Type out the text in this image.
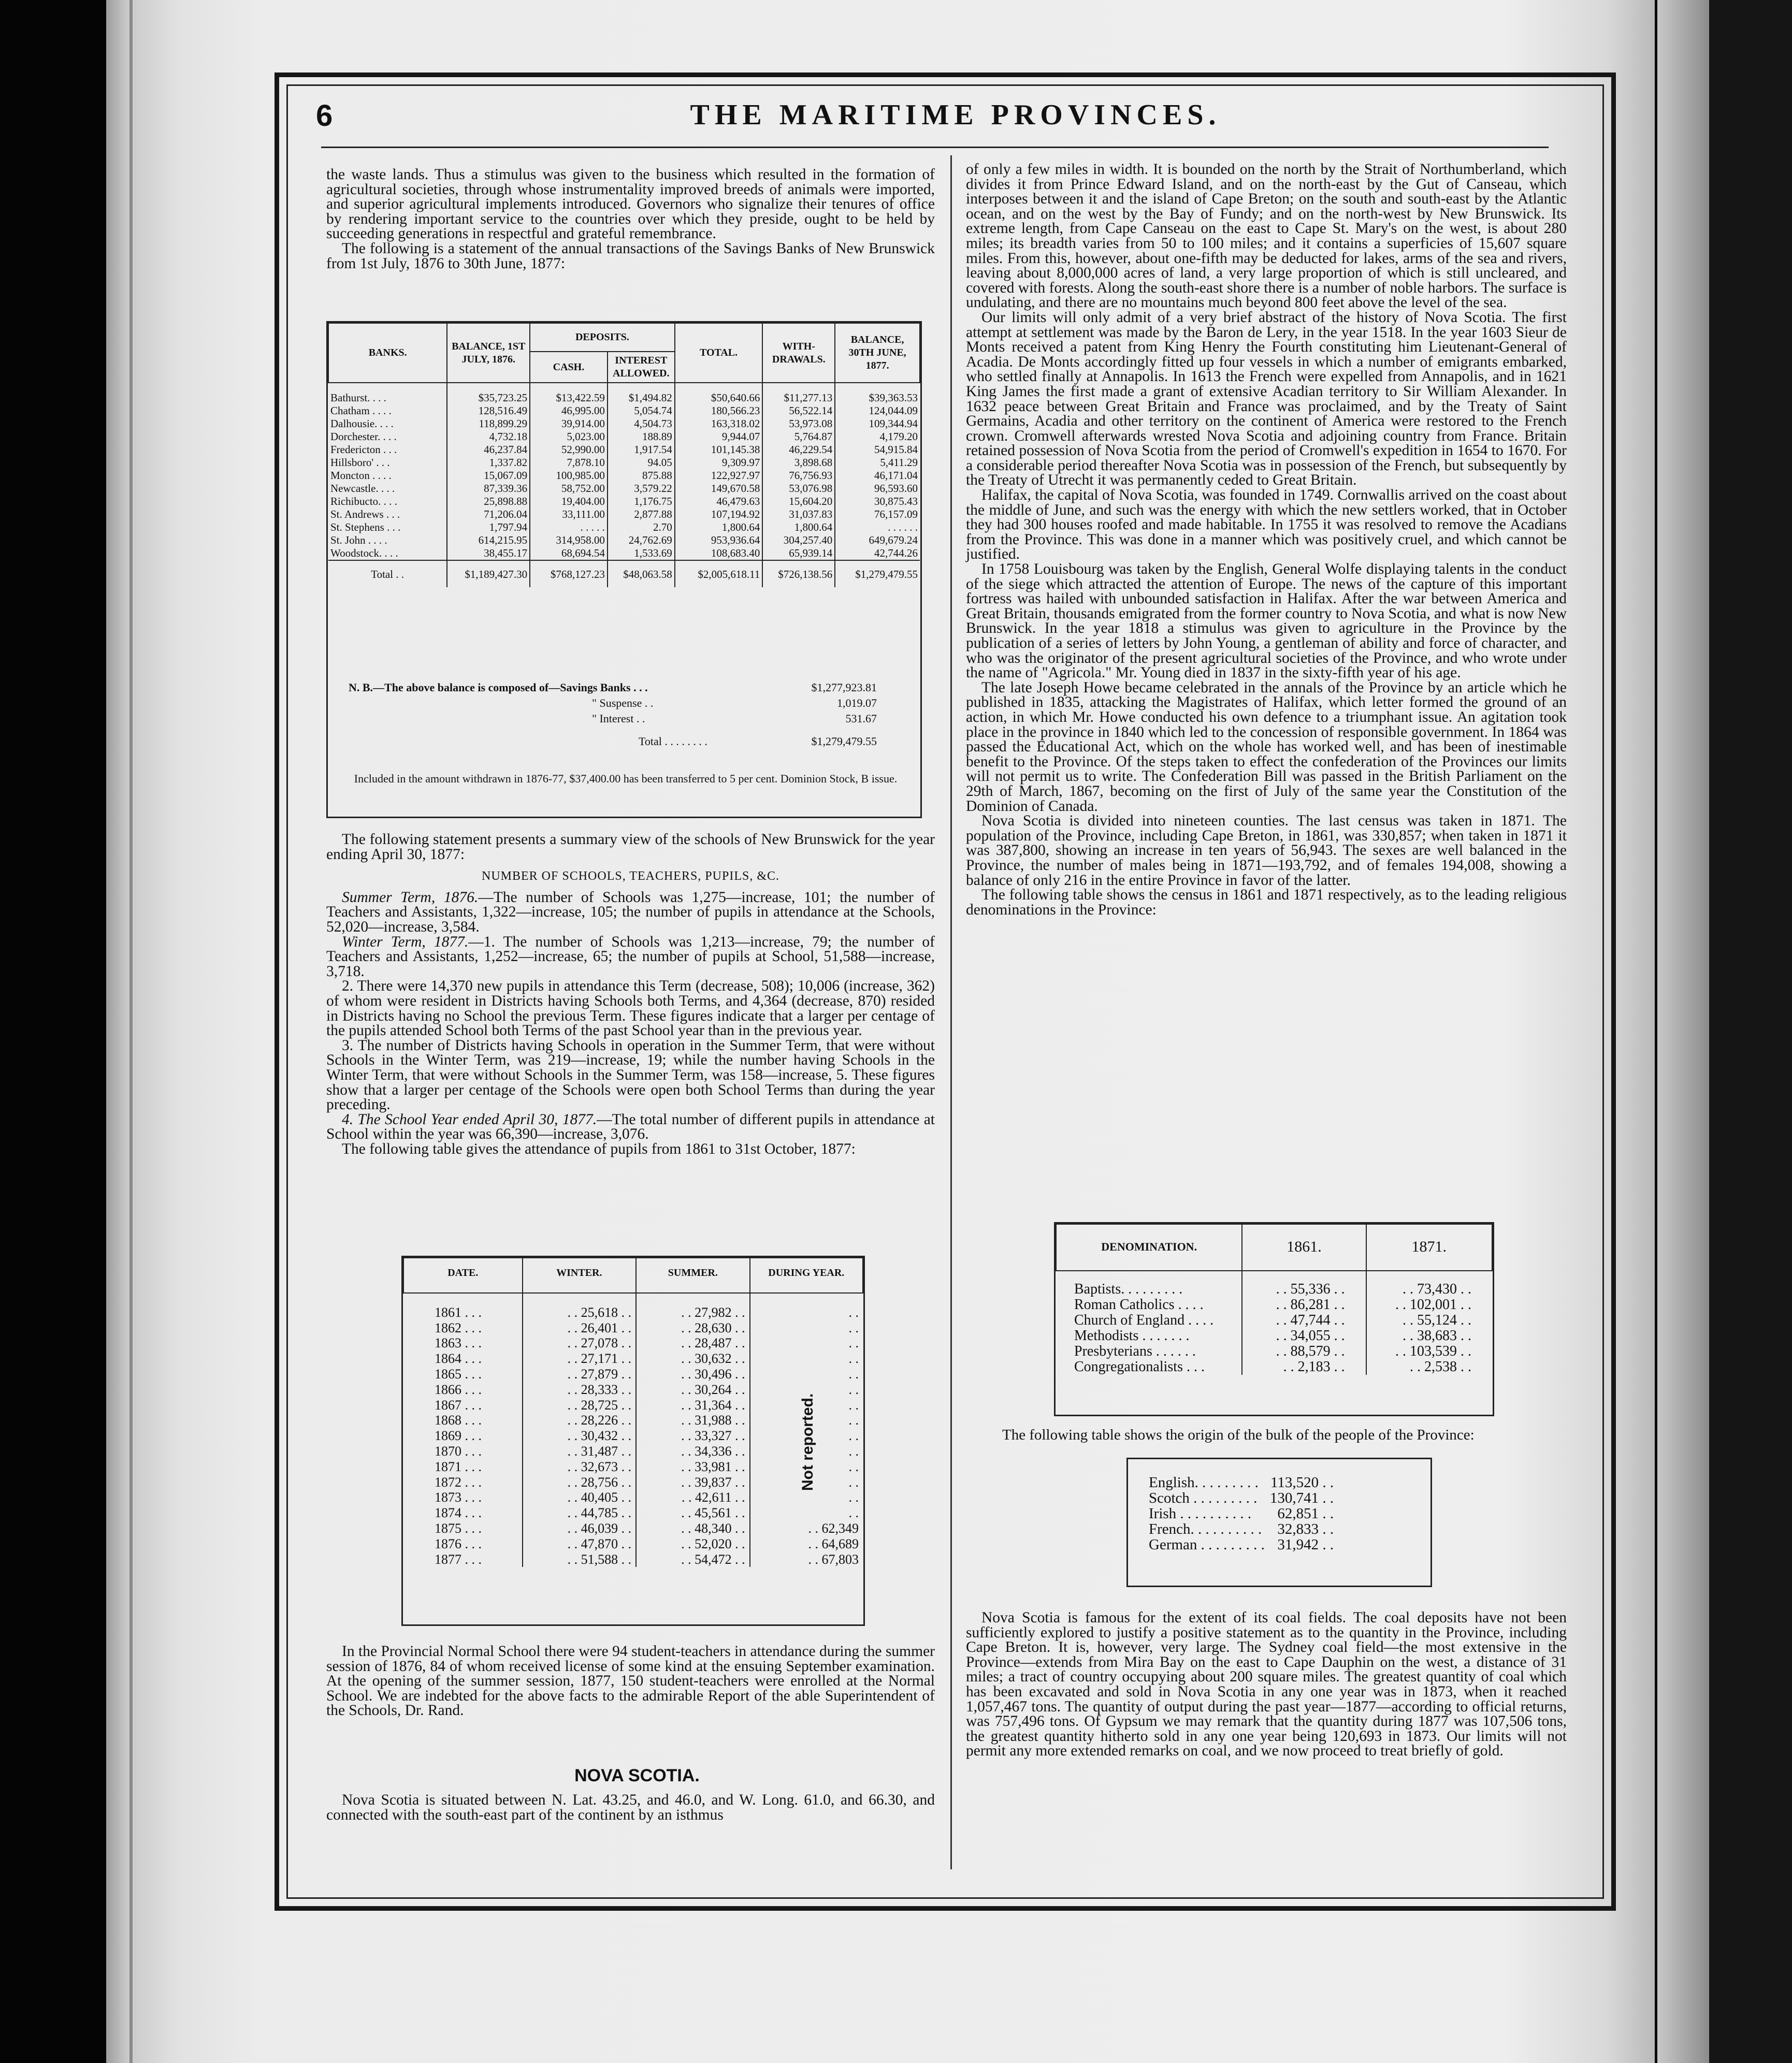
6	THE MARITIME PROVINCES.

the waste lands. Thus a stimulus was given to the business which resulted in the formation of agricultural societies, through whose instrumentality improved breeds of animals were imported, and superior agricultural implements introduced. Governors who signalize their tenures of office by rendering important service to the countries over which they preside, ought to be held by succeeding generations in respectful and grateful remembrance.

The following is a statement of the annual transactions of the Savings Banks of New Brunswick from 1st July, 1876 to 30th June, 1877:

BANKS.	BALANCE, 1ST JULY, 1876.	DEPOSITS.		TOTAL.	WITH-DRAWALS.	BALANCE, 30TH JUNE, 1877.
		CASH.	INTEREST ALLOWED.			
Bathurst. . . .	$35,723.25	$13,422.59	$1,494.82	$50,640.66	$11,277.13	$39,363.53
Chatham . . . .	128,516.49	46,995.00	5,054.74	180,566.23	56,522.14	124,044.09
Dalhousie. . . .	118,899.29	39,914.00	4,504.73	163,318.02	53,973.08	109,344.94
Dorchester. . . .	4,732.18	5,023.00	188.89	9,944.07	5,764.87	4,179.20
Fredericton . . .	46,237.84	52,990.00	1,917.54	101,145.38	46,229.54	54,915.84
Hillsboro' . . .	1,337.82	7,878.10	94.05	9,309.97	3,898.68	5,411.29
Moncton . . . .	15,067.09	100,985.00	875.88	122,927.97	76,756.93	46,171.04
Newcastle. . . .	87,339.36	58,752.00	3,579.22	149,670.58	53,076.98	96,593.60
Richibucto. . . .	25,898.88	19,404.00	1,176.75	46,479.63	15,604.20	30,875.43
St. Andrews . . .	71,206.04	33,111.00	2,877.88	107,194.92	31,037.83	76,157.09
St. Stephens . . .	1,797.94	. . . . .	2.70	1,800.64	1,800.64	. . . . . .
St. John . . . .	614,215.95	314,958.00	24,762.69	953,936.64	304,257.40	649,679.24
Woodstock. . . .	38,455.17	68,694.54	1,533.69	108,683.40	65,939.14	42,744.26
Total . .	$1,189,427.30	$768,127.23	$48,063.58	$2,005,618.11	$726,138.56	$1,279,479.55
N. B.—The above balance is composed of—Savings Banks . . .	$1,277,923.81
" Suspense . .	1,019.07
" Interest . .	531.67
Total . . . . . . . .	$1,279,479.55
Included in the amount withdrawn in 1876-77, $37,400.00 has been transferred to 5 per cent. Dominion Stock, B issue.

The following statement presents a summary view of the schools of New Brunswick for the year ending April 30, 1877:

NUMBER OF SCHOOLS, TEACHERS, PUPILS, &C.

Summer Term, 1876.—The number of Schools was 1,275—increase, 101; the number of Teachers and Assistants, 1,322—increase, 105; the number of pupils in attendance at the Schools, 52,020—increase, 3,584.

Winter Term, 1877.—1. The number of Schools was 1,213—increase, 79; the number of Teachers and Assistants, 1,252—increase, 65; the number of pupils at School, 51,588—increase, 3,718.

2. There were 14,370 new pupils in attendance this Term (decrease, 508); 10,006 (increase, 362) of whom were resident in Districts having Schools both Terms, and 4,364 (decrease, 870) resided in Districts having no School the previous Term. These figures indicate that a larger per centage of the pupils attended School both Terms of the past School year than in the previous year.

3. The number of Districts having Schools in operation in the Summer Term, that were without Schools in the Winter Term, was 219—increase, 19; while the number having Schools in the Winter Term, that were without Schools in the Summer Term, was 158—increase, 5. These figures show that a larger per centage of the Schools were open both School Terms than during the year preceding.

4. The School Year ended April 30, 1877.—The total number of different pupils in attendance at School within the year was 66,390—increase, 3,076.

The following table gives the attendance of pupils from 1861 to 31st October, 1877:

DATE.	WINTER.	SUMMER.	DURING YEAR.
1861 . . .	. . 25,618 . .	. . 27,982 . .	. .
1862 . . .	. . 26,401 . .	. . 28,630 . .	. .
1863 . . .	. . 27,078 . .	. . 28,487 . .	. .
1864 . . .	. . 27,171 . .	. . 30,632 . .	. .
1865 . . .	. . 27,879 . .	. . 30,496 . .	. .
1866 . . .	. . 28,333 . .	. . 30,264 . .	. .
1867 . . .	. . 28,725 . .	. . 31,364 . .	. .
1868 . . .	. . 28,226 . .	. . 31,988 . .	. .
1869 . . .	. . 30,432 . .	. . 33,327 . .	. .
1870 . . .	. . 31,487 . .	. . 34,336 . .	. .
1871 . . .	. . 32,673 . .	. . 33,981 . .	. .
1872 . . .	. . 28,756 . .	. . 39,837 . .	. .
1873 . . .	. . 40,405 . .	. . 42,611 . .	. .
1874 . . .	. . 44,785 . .	. . 45,561 . .	. .
1875 . . .	. . 46,039 . .	. . 48,340 . .	. . 62,349
1876 . . .	. . 47,870 . .	. . 52,020 . .	. . 64,689
1877 . . .	. . 51,588 . .	. . 54,472 . .	. . 67,803
Not reported.

In the Provincial Normal School there were 94 student-teachers in attendance during the summer session of 1876, 84 of whom received license of some kind at the ensuing September examination. At the opening of the summer session, 1877, 150 student-teachers were enrolled at the Normal School. We are indebted for the above facts to the admirable Report of the able Superintendent of the Schools, Dr. Rand.

NOVA SCOTIA.

Nova Scotia is situated between N. Lat. 43.25, and 46.0, and W. Long. 61.0, and 66.30, and connected with the south-east part of the continent by an isthmus

of only a few miles in width. It is bounded on the north by the Strait of Northumberland, which divides it from Prince Edward Island, and on the north-east by the Gut of Canseau, which interposes between it and the island of Cape Breton; on the south and south-east by the Atlantic ocean, and on the west by the Bay of Fundy; and on the north-west by New Brunswick. Its extreme length, from Cape Canseau on the east to Cape St. Mary's on the west, is about 280 miles; its breadth varies from 50 to 100 miles; and it contains a superficies of 15,607 square miles. From this, however, about one-fifth may be deducted for lakes, arms of the sea and rivers, leaving about 8,000,000 acres of land, a very large proportion of which is still uncleared, and covered with forests. Along the south-east shore there is a number of noble harbors. The surface is undulating, and there are no mountains much beyond 800 feet above the level of the sea.

Our limits will only admit of a very brief abstract of the history of Nova Scotia. The first attempt at settlement was made by the Baron de Lery, in the year 1518. In the year 1603 Sieur de Monts received a patent from King Henry the Fourth constituting him Lieutenant-General of Acadia. De Monts accordingly fitted up four vessels in which a number of emigrants embarked, who settled finally at Annapolis. In 1613 the French were expelled from Annapolis, and in 1621 King James the first made a grant of extensive Acadian territory to Sir William Alexander. In 1632 peace between Great Britain and France was proclaimed, and by the Treaty of Saint Germains, Acadia and other territory on the continent of America were restored to the French crown. Cromwell afterwards wrested Nova Scotia and adjoining country from France. Britain retained possession of Nova Scotia from the period of Cromwell's expedition in 1654 to 1670. For a considerable period thereafter Nova Scotia was in possession of the French, but subsequently by the Treaty of Utrecht it was permanently ceded to Great Britain.

Halifax, the capital of Nova Scotia, was founded in 1749. Cornwallis arrived on the coast about the middle of June, and such was the energy with which the new settlers worked, that in October they had 300 houses roofed and made habitable. In 1755 it was resolved to remove the Acadians from the Province. This was done in a manner which was positively cruel, and which cannot be justified.

In 1758 Louisbourg was taken by the English, General Wolfe displaying talents in the conduct of the siege which attracted the attention of Europe. The news of the capture of this important fortress was hailed with unbounded satisfaction in Halifax. After the war between America and Great Britain, thousands emigrated from the former country to Nova Scotia, and what is now New Brunswick. In the year 1818 a stimulus was given to agriculture in the Province by the publication of a series of letters by John Young, a gentleman of ability and force of character, and who was the originator of the present agricultural societies of the Province, and who wrote under the name of "Agricola." Mr. Young died in 1837 in the sixty-fifth year of his age.

The late Joseph Howe became celebrated in the annals of the Province by an article which he published in 1835, attacking the Magistrates of Halifax, which letter formed the ground of an action, in which Mr. Howe conducted his own defence to a triumphant issue. An agitation took place in the province in 1840 which led to the concession of responsible government. In 1864 was passed the Educational Act, which on the whole has worked well, and has been of inestimable benefit to the Province. Of the steps taken to effect the confederation of the Provinces our limits will not permit us to write. The Confederation Bill was passed in the British Parliament on the 29th of March, 1867, becoming on the first of July of the same year the Constitution of the Dominion of Canada.

Nova Scotia is divided into nineteen counties. The last census was taken in 1871. The population of the Province, including Cape Breton, in 1861, was 330,857; when taken in 1871 it was 387,800, showing an increase in ten years of 56,943. The sexes are well balanced in the Province, the number of males being in 1871—193,792, and of females 194,008, showing a balance of only 216 in the entire Province in favor of the latter.

The following table shows the census in 1861 and 1871 respectively, as to the leading religious denominations in the Province:

DENOMINATION.	1861.	1871.
Baptists. . . . . . . . .	. . 55,336 . .	. . 73,430 . .
Roman Catholics . . . .	. . 86,281 . .	. . 102,001 . .
Church of England . . . .	. . 47,744 . .	. . 55,124 . .
Methodists . . . . . . .	. . 34,055 . .	. . 38,683 . .
Presbyterians . . . . . .	. . 88,579 . .	. . 103,539 . .
Congregationalists . . .	. . 2,183 . .	. . 2,538 . .
The following table shows the origin of the bulk of the people of the Province:
English. . . . . . . . .	113,520 . .
Scotch . . . . . . . . .	130,741 . .
Irish . . . . . . . . . .	62,851 . .
French. . . . . . . . . .	32,833 . .
German . . . . . . . . .	31,942 . .

Nova Scotia is famous for the extent of its coal fields. The coal deposits have not been sufficiently explored to justify a positive statement as to the quantity in the Province, including Cape Breton. It is, however, very large. The Sydney coal field—the most extensive in the Province—extends from Mira Bay on the east to Cape Dauphin on the west, a distance of 31 miles; a tract of country occupying about 200 square miles. The greatest quantity of coal which has been excavated and sold in Nova Scotia in any one year was in 1873, when it reached 1,057,467 tons. The quantity of output during the past year—1877—according to official returns, was 757,496 tons. Of Gypsum we may remark that the quantity during 1877 was 107,506 tons, the greatest quantity hitherto sold in any one year being 120,693 in 1873. Our limits will not permit any more extended remarks on coal, and we now proceed to treat briefly of gold.
